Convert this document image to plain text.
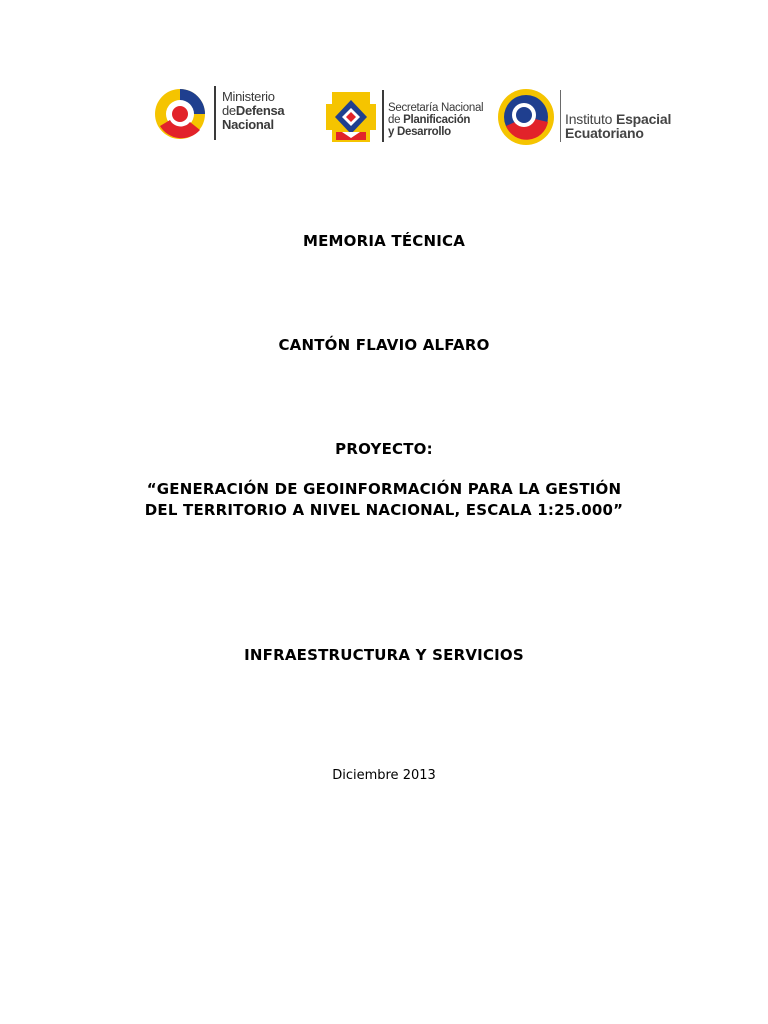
Ministerio
deDefensa
Nacional
Secretaría Nacional
de Planificación
y Desarrollo
Instituto Espacial
Ecuatoriano
MEMORIA TÉCNICA
CANTÓN FLAVIO ALFARO
PROYECTO:
“GENERACIÓN DE GEOINFORMACIÓN PARA LA GESTIÓN
DEL TERRITORIO A NIVEL NACIONAL, ESCALA 1:25.000”
INFRAESTRUCTURA Y SERVICIOS
Diciembre 2013
